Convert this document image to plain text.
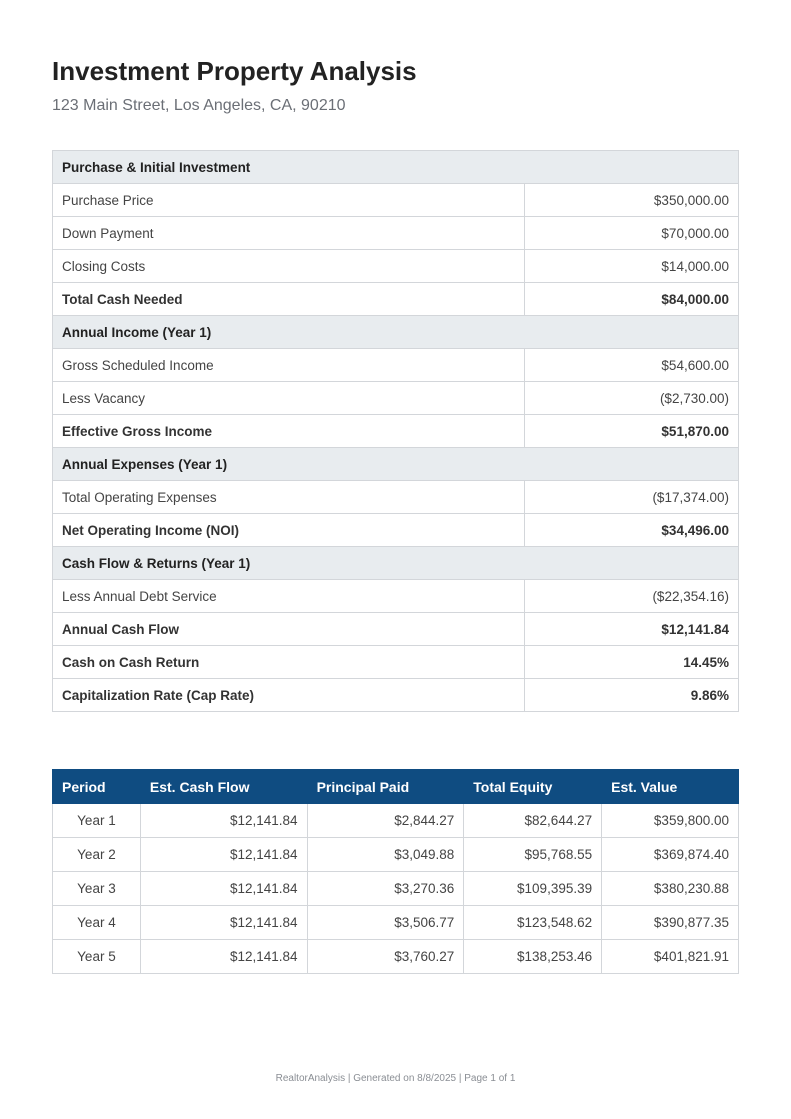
Investment Property Analysis

123 Main Street, Los Angeles, CA, 90210

Purchase & Initial Investment	
Purchase Price	$350,000.00
Down Payment	$70,000.00
Closing Costs	$14,000.00
Total Cash Needed	$84,000.00
Annual Income (Year 1)	
Gross Scheduled Income	$54,600.00
Less Vacancy	($2,730.00)
Effective Gross Income	$51,870.00
Annual Expenses (Year 1)	
Total Operating Expenses	($17,374.00)
Net Operating Income (NOI)	$34,496.00
Cash Flow & Returns (Year 1)	
Less Annual Debt Service	($22,354.16)
Annual Cash Flow	$12,141.84
Cash on Cash Return	14.45%
Capitalization Rate (Cap Rate)	9.86%
Period	Est. Cash Flow	Principal Paid	Total Equity	Est. Value
Year 1	$12,141.84	$2,844.27	$82,644.27	$359,800.00
Year 2	$12,141.84	$3,049.88	$95,768.55	$369,874.40
Year 3	$12,141.84	$3,270.36	$109,395.39	$380,230.88
Year 4	$12,141.84	$3,506.77	$123,548.62	$390,877.35
Year 5	$12,141.84	$3,760.27	$138,253.46	$401,821.91
RealtorAnalysis | Generated on 8/8/2025 | Page 1 of 1
